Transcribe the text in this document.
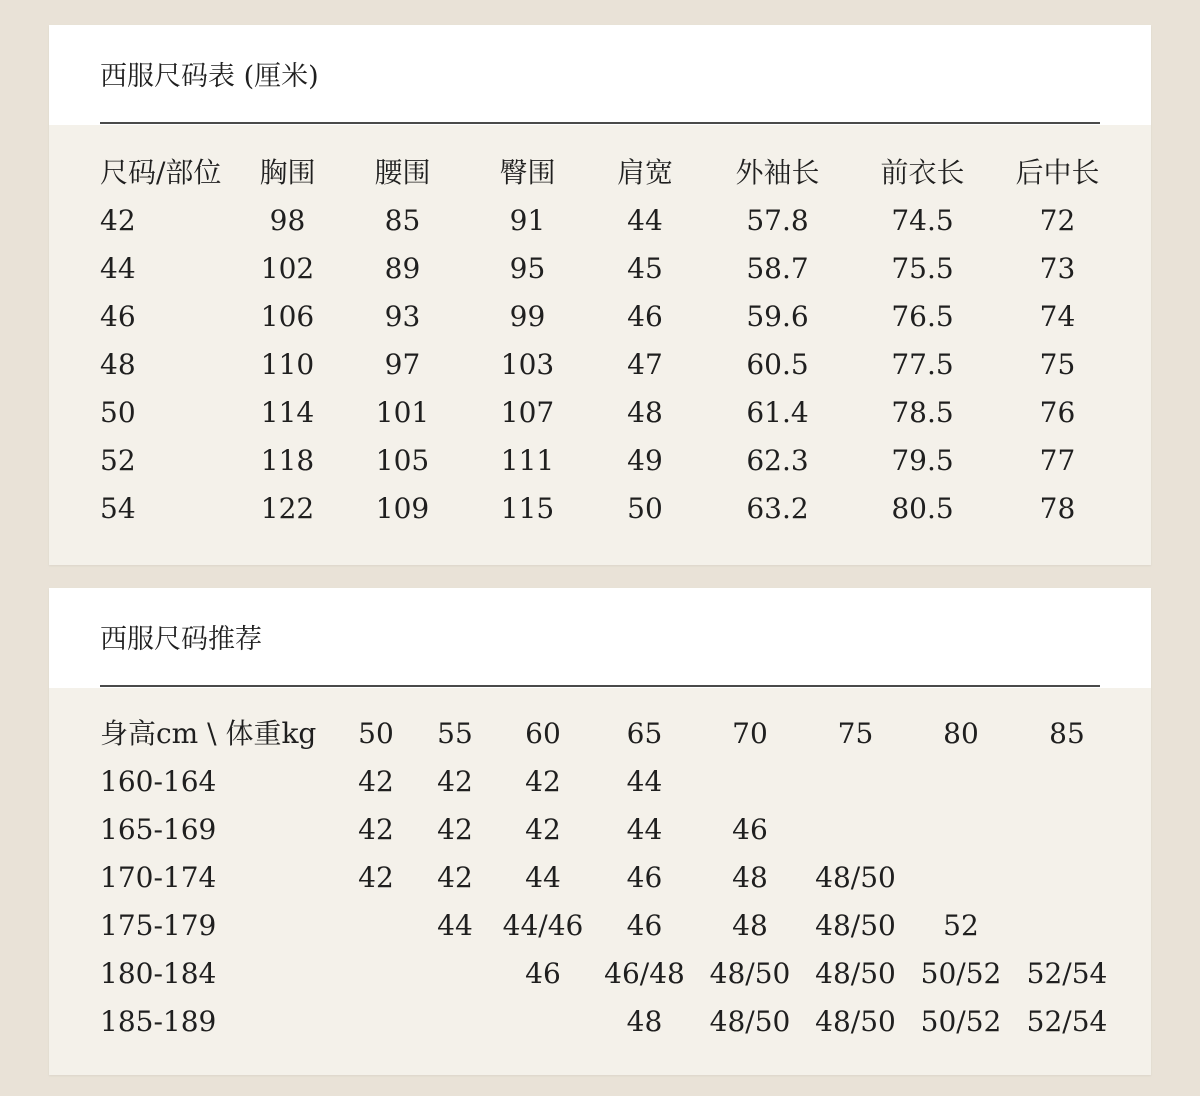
西服尺码表 (厘米)
尺码/部位	胸围	腰围	臀围	肩宽	外袖长	前衣长	后中长
42	98	85	91	44	57.8	74.5	72
44	102	89	95	45	58.7	75.5	73
46	106	93	99	46	59.6	76.5	74
48	110	97	103	47	60.5	77.5	75
50	114	101	107	48	61.4	78.5	76
52	118	105	111	49	62.3	79.5	77
54	122	109	115	50	63.2	80.5	78
西服尺码推荐
身高cm \ 体重kg	50	55	60	65	70	75	80	85
160-164	42	42	42	44				
165-169	42	42	42	44	46			
170-174	42	42	44	46	48	48/50		
175-179		44	44/46	46	48	48/50	52	
180-184			46	46/48	48/50	48/50	50/52	52/54
185-189				48	48/50	48/50	50/52	52/54
